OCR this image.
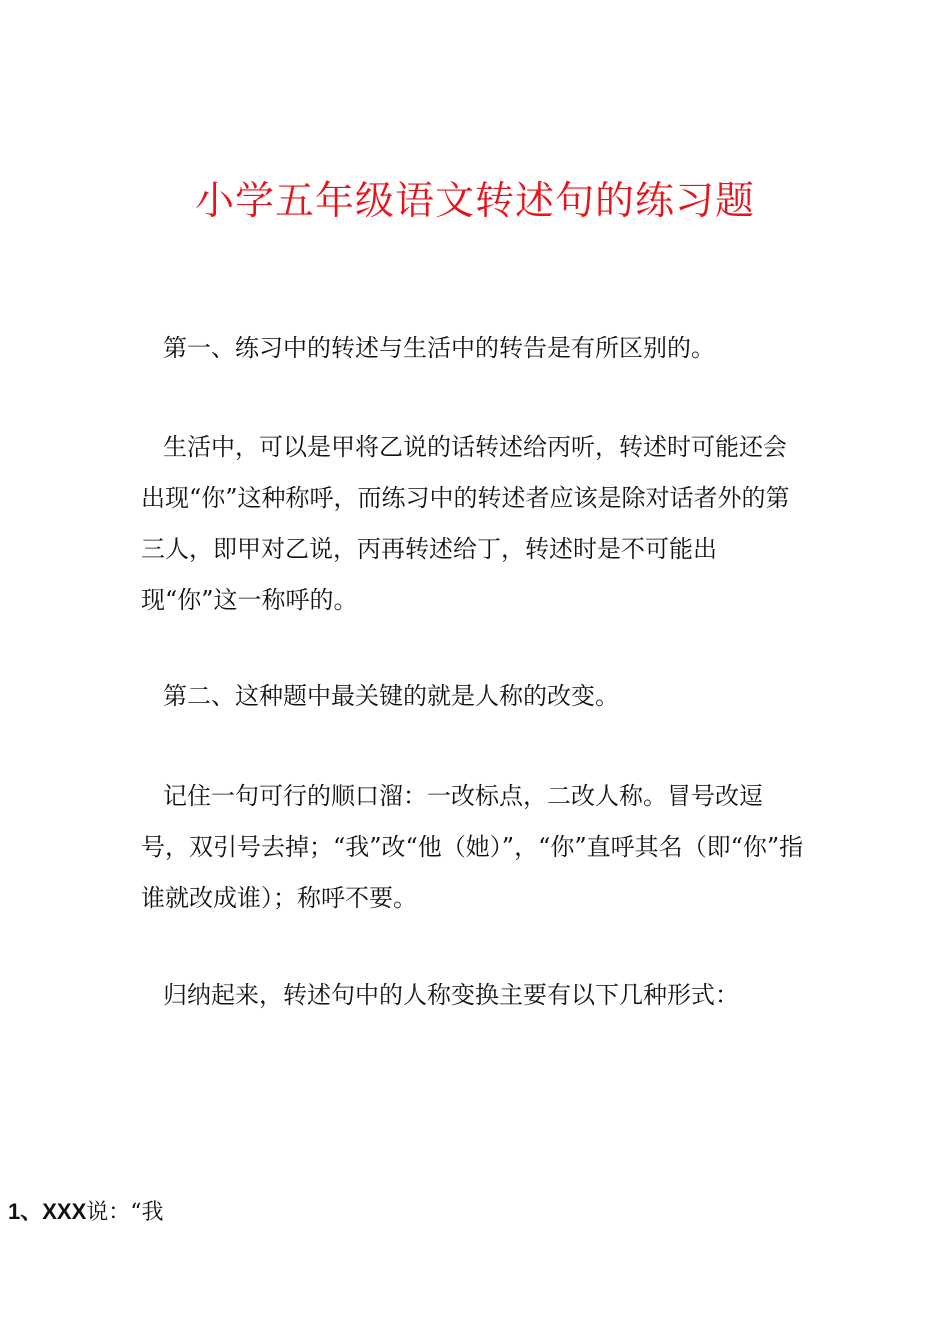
小学五年级语文转述句的练习题

第一、练习中的转述与生活中的转告是有所区别的。

生活中，可以是甲将乙说的话转述给丙听，转述时可能还会出现“你”这种称呼，而练习中的转述者应该是除对话者外的第三人，即甲对乙说，丙再转述给丁，转述时是不可能出现“你”这一称呼的。

第二、这种题中最关键的就是人称的改变。

记住一句可行的顺口溜：一改标点，二改人称。冒号改逗号，双引号去掉；“我”改“他（她）”，“你”直呼其名（即“你”指谁就改成谁）；称呼不要。

归纳起来，转述句中的人称变换主要有以下几种形式：

1、XXX说：“我
